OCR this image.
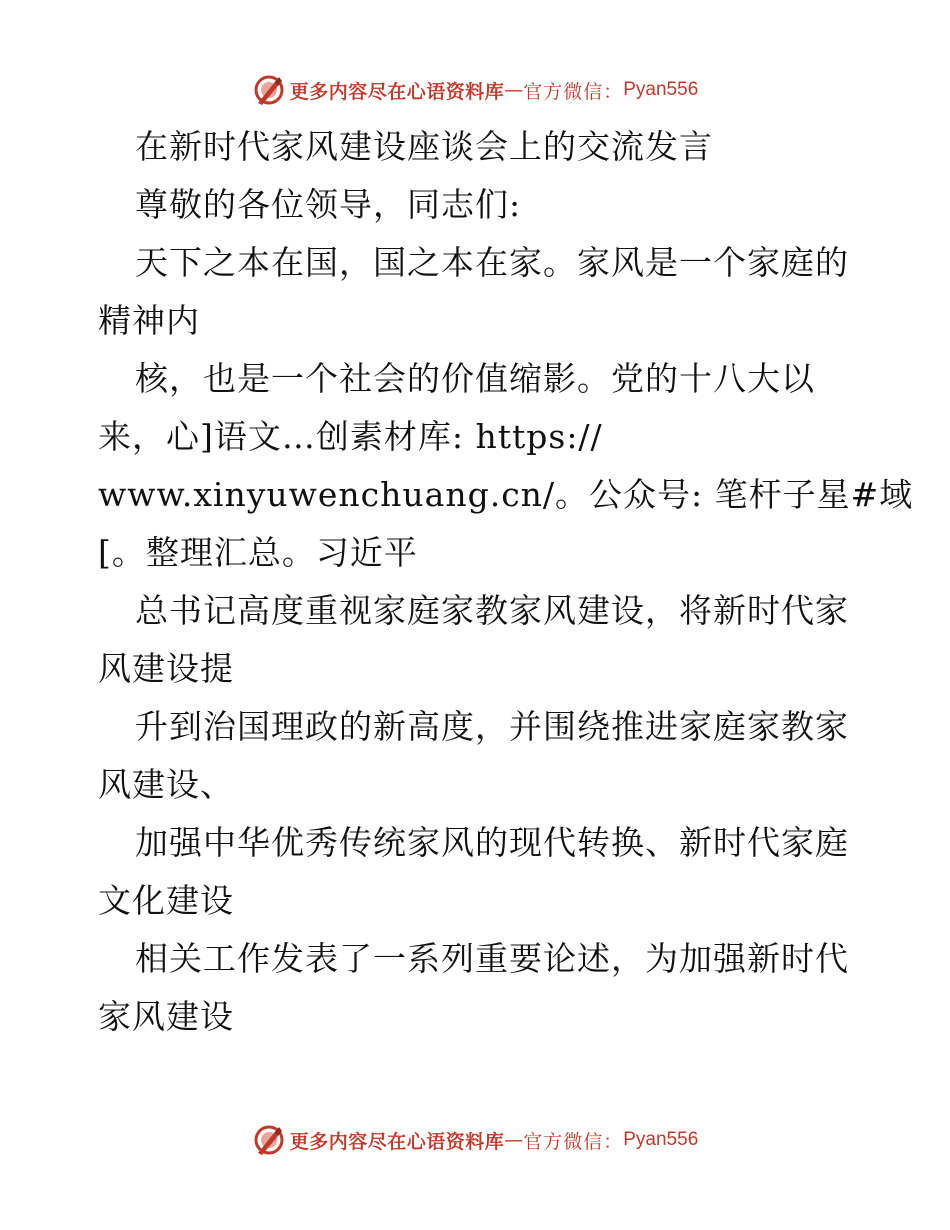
更多内容尽在心语资料库 — 官方微信： Pyan556
在新时代家风建设座谈会上的交流发言
尊敬的各位领导，同志们:
天下之本在国，国之本在家。家风是一个家庭的
精神内
核，也是一个社会的价值缩影。党的十八大以
来，心]语文…创素材库: https://
www.xinyuwenchuang.cn/。公众号: 笔杆子星#域
[。整理汇总。习近平
总书记高度重视家庭家教家风建设，将新时代家
风建设提
升到治国理政的新高度，并围绕推进家庭家教家
风建设、
加强中华优秀传统家风的现代转换、新时代家庭
文化建设
相关工作发表了一系列重要论述，为加强新时代
家风建设
更多内容尽在心语资料库 — 官方微信： Pyan556
